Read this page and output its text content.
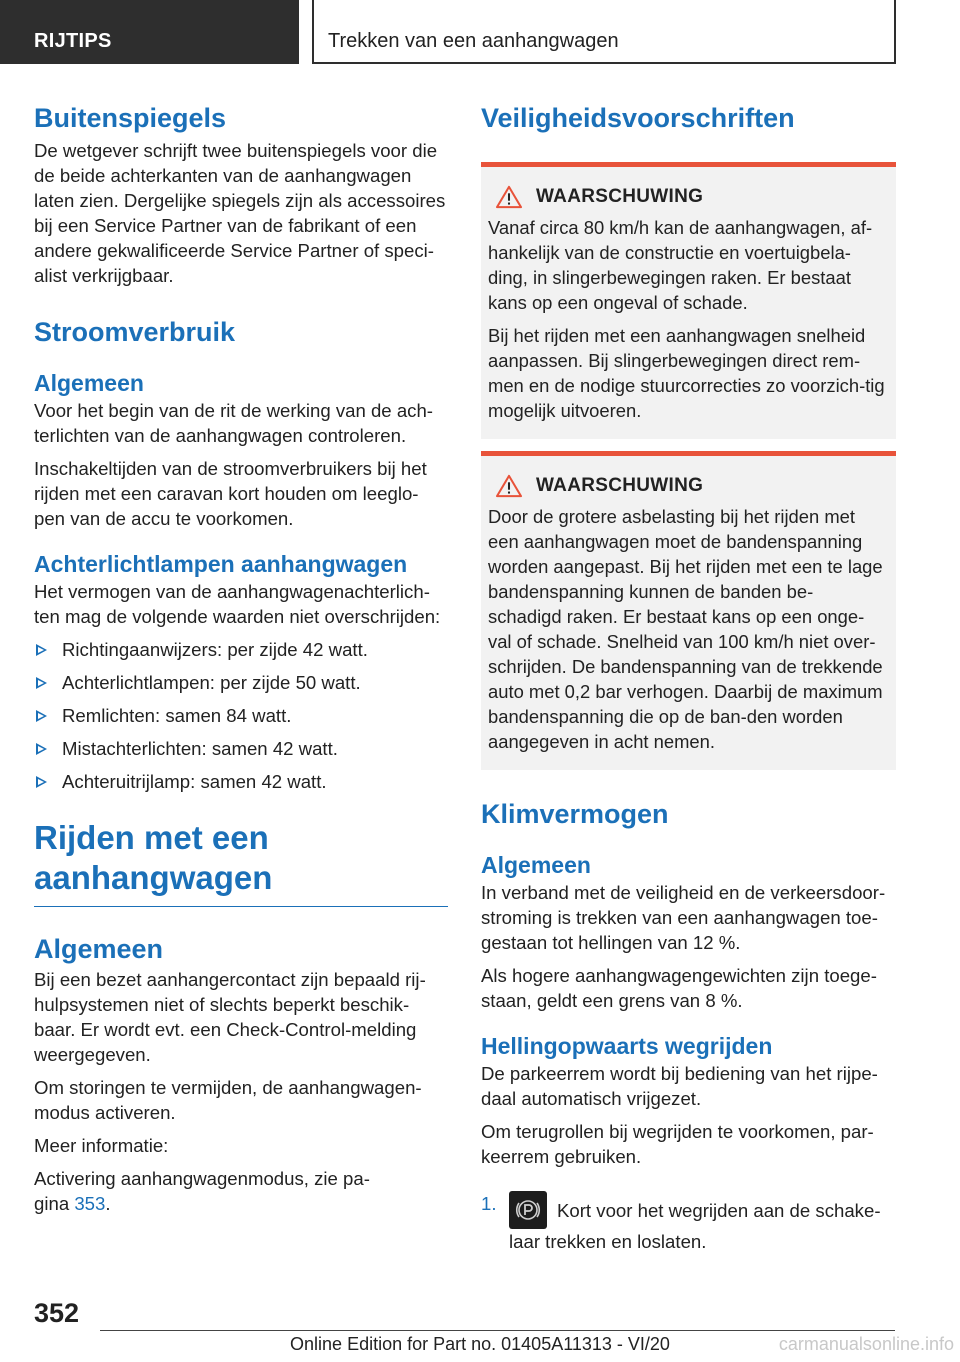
RIJTIPS	Trekken van een aanhangwagen
Buitenspiegels

De wetgever schrijft twee buitenspiegels voor die de beide achterkanten van de aanhangwagen laten zien. Dergelijke spiegels zijn als accessoires bij een Service Partner van de fabrikant of een andere gekwalificeerde Service Partner of speci-alist verkrijgbaar.

Stroomverbruik
Algemeen

Voor het begin van de rit de werking van de ach-terlichten van de aanhangwagen controleren.

Inschakeltijden van de stroomverbruikers bij het rijden met een caravan kort houden om leeglo-pen van de accu te voorkomen.

Achterlichtlampen aanhangwagen

Het vermogen van de aanhangwagenachterlich-ten mag de volgende waarden niet overschrijden:

Richtingaanwijzers: per zijde 42 watt.
Achterlichtlampen: per zijde 50 watt.
Remlichten: samen 84 watt.
Mistachterlichten: samen 42 watt.
Achteruitrijlamp: samen 42 watt.
Rijden met een
aanhangwagen
Algemeen

Bij een bezet aanhangercontact zijn bepaald rij-hulpsystemen niet of slechts beperkt beschik-baar. Er wordt evt. een Check-Control-melding weergegeven.

Om storingen te vermijden, de aanhangwagen-modus activeren.

Meer informatie:

Activering aanhangwagenmodus, zie pa-
gina 353.

Veiligheidsvoorschriften
WAARSCHUWING

Vanaf circa 80 km/h kan de aanhangwagen, af-hankelijk van de constructie en voertuigbela-ding, in slingerbewegingen raken. Er bestaat kans op een ongeval of schade.

Bij het rijden met een aanhangwagen snelheid aanpassen. Bij slingerbewegingen direct rem-men en de nodige stuurcorrecties zo voorzich-tig mogelijk uitvoeren.

WAARSCHUWING

Door de grotere asbelasting bij het rijden met een aanhangwagen moet de bandenspanning worden aangepast. Bij het rijden met een te lage bandenspanning kunnen de banden be-schadigd raken. Er bestaat kans op een onge-val of schade. Snelheid van 100 km/h niet over-schrijden. De bandenspanning van de trekkende auto met 0,2 bar verhogen. Daarbij de maximum bandenspanning die op de ban-den worden aangegeven in acht nemen.

Klimvermogen
Algemeen

In verband met de veiligheid en de verkeersdoor-stroming is trekken van een aanhangwagen toe-gestaan tot hellingen van 12 %.

Als hogere aanhangwagengewichten zijn toege-staan, geldt een grens van 8 %.

Hellingopwaarts wegrijden

De parkeerrem wordt bij bediening van het rijpe-daal automatisch vrijgezet.

Om terugrollen bij wegrijden te voorkomen, par-keerrem gebruiken.

1.	Kort voor het wegrijden aan de schake-laar trekken en loslaten.

352
Online Edition for Part no. 01405A11313 - VI/20	carmanualsonline.info
